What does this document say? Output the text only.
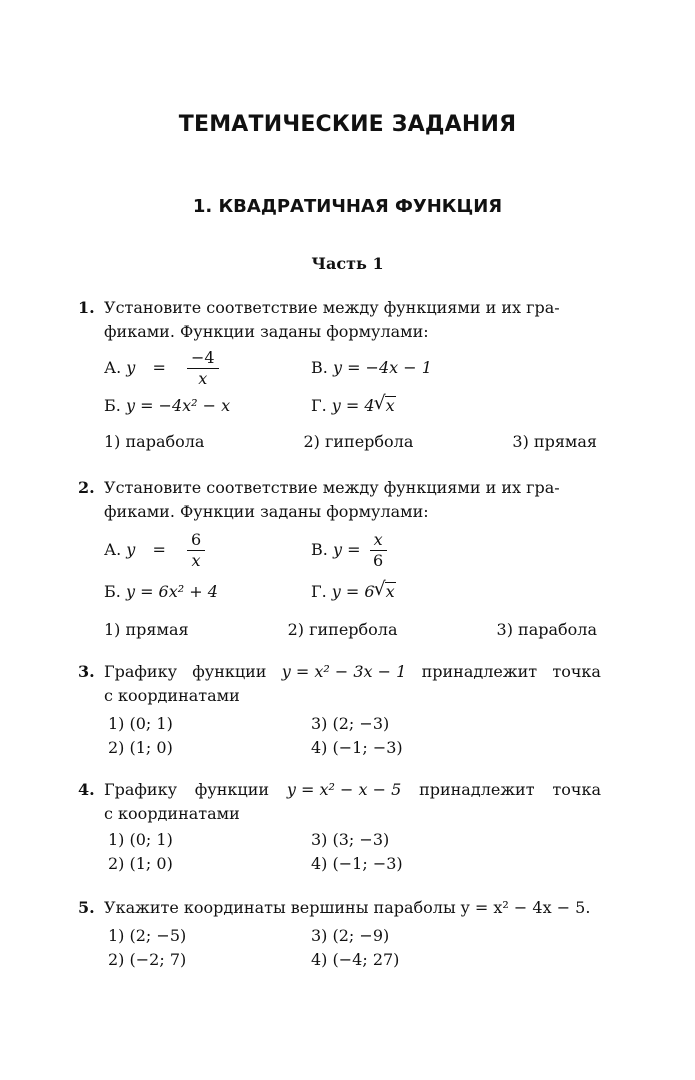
ТЕМАТИЧЕСКИЕ ЗАДАНИЯ
1. КВАДРАТИЧНАЯ ФУНКЦИЯ
Часть 1
1. Установите соответствие между функциями и их гра-
фиками. Функции заданы формулами:
А. $y = \frac{-4}{x}$	В. y = −4x − 1
Б. y = −4x² − x	Г. y = 4 √ x
1) парабола	2) гипербола	3) прямая
2. Установите соответствие между функциями и их гра-
фиками. Функции заданы формулами:
А. $y = \frac{6}{x}$	В. $y = \frac{x}{6}$
Б. y = 6x² + 4	Г. y = 6 √ x
1) прямая	2) гипербола	3) парабола
3. Графику функции y = x² − 3x − 1 принадлежит точка
с координатами
1) (0; 1)
2) (1; 0)
3) (2; −3)
4) (−1; −3)
4. Графику функции y = x² − x − 5 принадлежит точка
с координатами
1) (0; 1)
2) (1; 0)
3) (3; −3)
4) (−1; −3)
5. Укажите координаты вершины параболы y = x² − 4x − 5.
1) (2; −5)
2) (−2; 7)
3) (2; −9)
4) (−4; 27)
